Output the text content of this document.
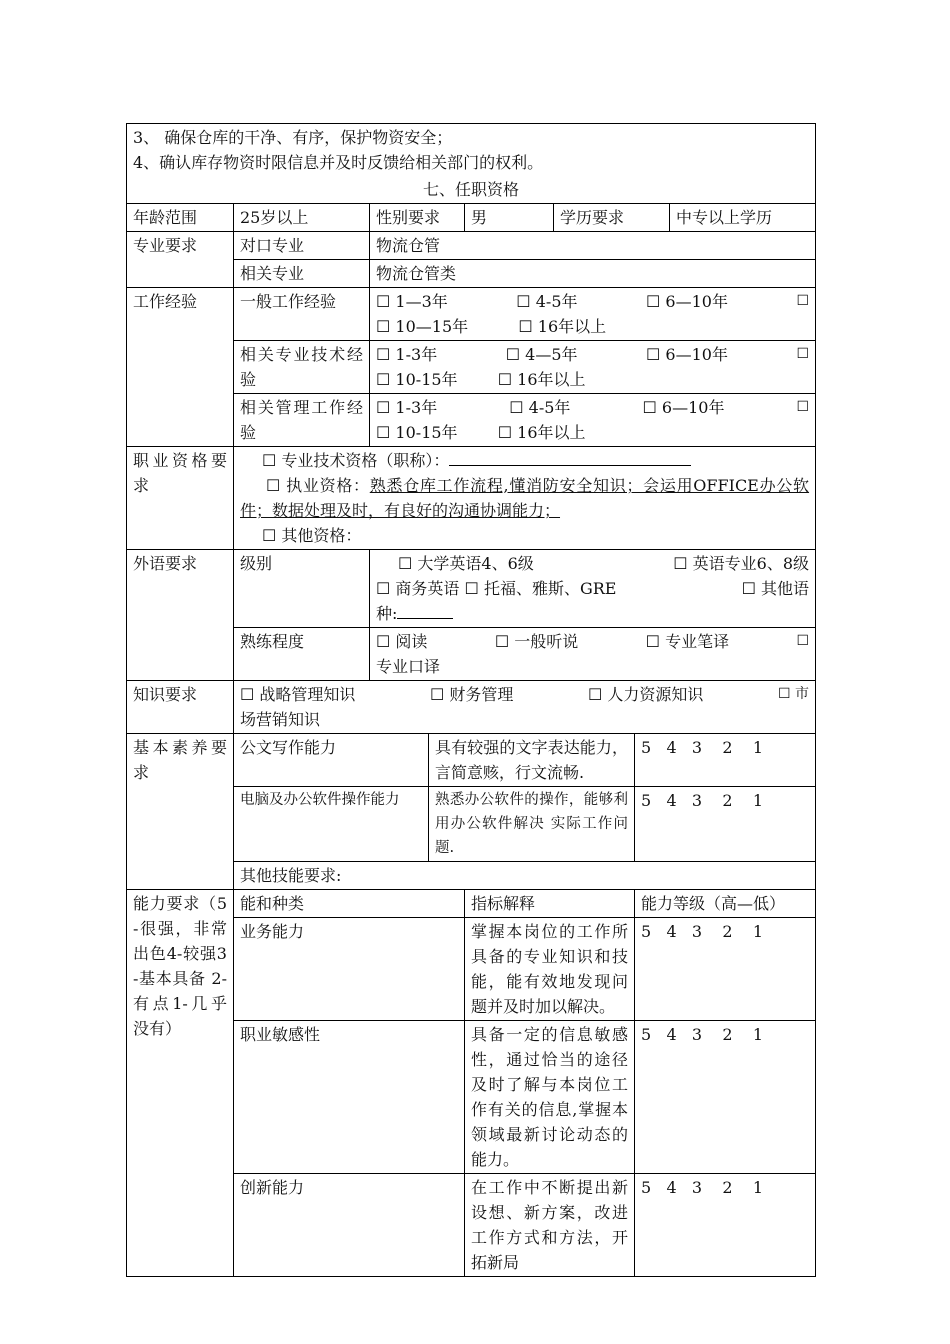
3、 确保仓库的干净、有序，保护物资安全；
4、确认库存物资时限信息并及时反馈给相关部门的权利。							

七、任职资格							
年龄范围	25岁以上	性别要求		男	学历要求		中专以上学历
专业要求	对口专业	物流仓管					
	相关专业	物流仓管类					
工作经验	一般工作经验	☐ 1—3年 ☐ 4-5年 ☐ 6—10年 ☐
☐ 10—15年 ☐ 16年以上					

	相关专业技术经验	☐ 1-3年 ☐ 4—5年 ☐ 6—10年 ☐
☐ 10-15年 ☐ 16年以上					

	相关管理工作经验	☐ 1-3年 ☐ 4-5年 ☐ 6—10年 ☐
☐ 10-15年 ☐ 16年以上					

职业资格要求	☐ 专业技术资格（职称）：
☐ 执业资格：熟悉仓库工作流程,懂消防安全知识；会运用OFFICE办公软件；数据处理及时，有良好的沟通协调能力；
☐ 其他资格：						

外语要求	级别	☐ 大学英语4、6级 ☐ 英语专业6、8级
☐ 商务英语 ☐ 托福、雅斯、GRE ☐ 其他语
种:					

	熟练程度	☐ 阅读 ☐ 一般听说 ☐ 专业笔译 ☐
专业口译					

知识要求	☐ 战略管理知识 ☐ 财务管理 ☐ 人力资源知识 ☐ 市
场营销知识						

基本素养要求	公文写作能力		具有较强的文字表达能力，言简意赅，行文流畅.			5   4   3    2    1	
	电脑及办公软件操作能力		熟悉办公软件的操作，能够利用办公软件解决 实际工作问题.			5   4   3    2    1	
	其他技能要求:						
能力要求（5-很强，非常出色4-较强3-基本具备 2-有点1-几乎没有）	能和种类			指标解释		能力等级（高—低）	
	业务能力			掌握本岗位的工作所具备的专业知识和技能，能有效地发现问题并及时加以解决。		5   4   3    2    1	
	职业敏感性			具备一定的信息敏感性，通过恰当的途径及时了解与本岗位工作有关的信息,掌握本领域最新讨论动态的能力。		5   4   3    2    1	
	创新能力			在工作中不断提出新设想、新方案，改进工作方式和方法，开拓新局		5   4   3    2    1	
